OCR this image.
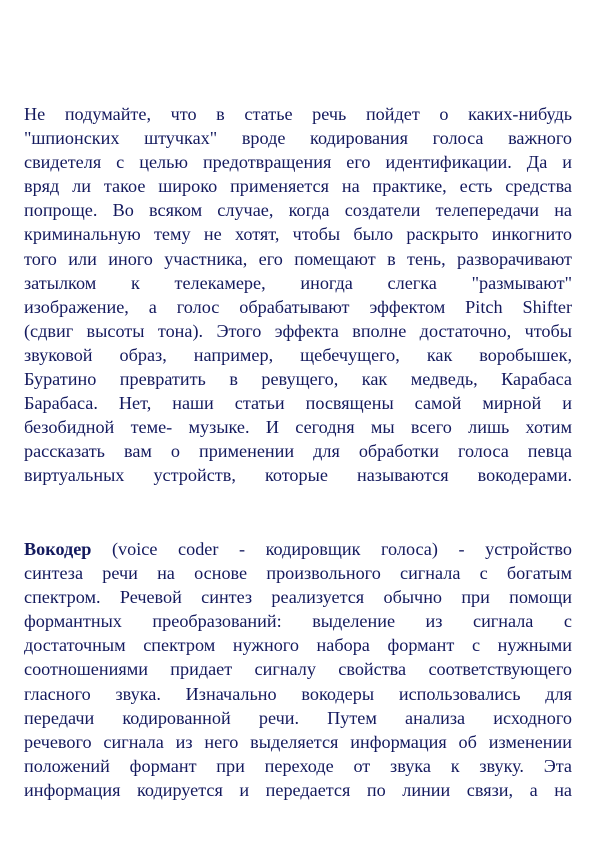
Не подумайте, что в статье речь пойдет о каких-нибудь
"шпионских штучках" вроде кодирования голоса важного
свидетеля с целью предотвращения его идентификации. Да и
вряд ли такое широко применяется на практике, есть средства
попроще. Во всяком случае, когда создатели телепередачи на
криминальную тему не хотят, чтобы было раскрыто инкогнито
того или иного участника, его помещают в тень, разворачивают
затылком к телекамере, иногда слегка "размывают"
изображение, а голос обрабатывают эффектом Pitch Shifter
(сдвиг высоты тона). Этого эффекта вполне достаточно, чтобы
звуковой образ, например, щебечущего, как воробышек,
Буратино превратить в ревущего, как медведь, Карабаса
Барабаса. Нет, наши статьи посвящены самой мирной и
безобидной теме- музыке. И сегодня мы всего лишь хотим
рассказать вам о применении для обработки голоса певца
виртуальных устройств, которые называются вокодерами.

Вокодер (voice coder - кодировщик голоса) - устройство
синтеза речи на основе произвольного сигнала с богатым
спектром. Речевой синтез реализуется обычно при помощи
формантных преобразований: выделение из сигнала с
достаточным спектром нужного набора формант с нужными
соотношениями придает сигналу свойства соответствующего
гласного звука. Изначально вокодеры использовались для
передачи кодированной речи. Путем анализа исходного
речевого сигнала из него выделяется информация об изменении
положений формант при переходе от звука к звуку. Эта
информация кодируется и передается по линии связи, а на
